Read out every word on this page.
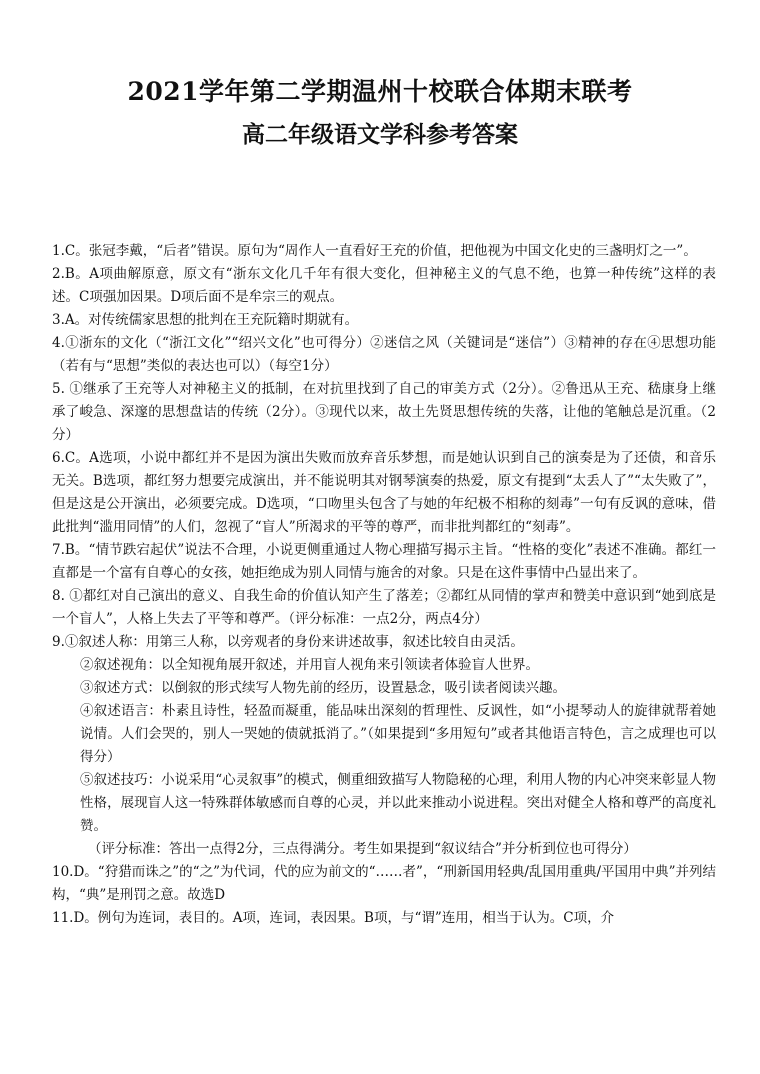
2021学年第二学期温州十校联合体期末联考
高二年级语文学科参考答案

1.C。张冠李戴，“后者”错误。原句为“周作人一直看好王充的价值，把他视为中国文化史的三盏明灯之一”。

2.B。A项曲解原意，原文有“浙东文化几千年有很大变化，但神秘主义的气息不绝，也算一种传统”这样的表述。C项强加因果。D项后面不是牟宗三的观点。

3.A。对传统儒家思想的批判在王充阮籍时期就有。

4.①浙东的文化（“浙江文化”“绍兴文化”也可得分）②迷信之风（关键词是“迷信”）③精神的存在④思想功能（若有与“思想”类似的表达也可以）（每空1分）

5. ①继承了王充等人对神秘主义的抵制，在对抗里找到了自己的审美方式（2分）。②鲁迅从王充、嵇康身上继承了峻急、深邃的思想盘诘的传统（2分）。③现代以来，故土先贤思想传统的失落，让他的笔触总是沉重。（2分）

6.C。A选项，小说中都红并不是因为演出失败而放弃音乐梦想，而是她认识到自己的演奏是为了还债，和音乐无关。B选项，都红努力想要完成演出，并不能说明其对钢琴演奏的热爱，原文有提到“太丢人了”“太失败了”，但是这是公开演出，必须要完成。D选项，“口吻里头包含了与她的年纪极不相称的刻毒”一句有反讽的意味，借此批判“滥用同情”的人们，忽视了“盲人”所渴求的平等的尊严，而非批判都红的“刻毒”。

7.B。“情节跌宕起伏”说法不合理，小说更侧重通过人物心理描写揭示主旨。“性格的变化”表述不准确。都红一直都是一个富有自尊心的女孩，她拒绝成为别人同情与施舍的对象。只是在这件事情中凸显出来了。

8. ①都红对自己演出的意义、自我生命的价值认知产生了落差；②都红从同情的掌声和赞美中意识到“她到底是一个盲人”，人格上失去了平等和尊严。（评分标准：一点2分，两点4分）

9.①叙述人称：用第三人称，以旁观者的身份来讲述故事，叙述比较自由灵活。

②叙述视角：以全知视角展开叙述，并用盲人视角来引领读者体验盲人世界。

③叙述方式：以倒叙的形式续写人物先前的经历，设置悬念，吸引读者阅读兴趣。

④叙述语言：朴素且诗性，轻盈而凝重，能品味出深刻的哲理性、反讽性，如“小提琴动人的旋律就帮着她说情。人们会哭的，别人一哭她的债就抵消了。”（如果提到“多用短句”或者其他语言特色，言之成理也可以得分）

⑤叙述技巧：小说采用“心灵叙事”的模式，侧重细致描写人物隐秘的心理，利用人物的内心冲突来彰显人物性格，展现盲人这一特殊群体敏感而自尊的心灵，并以此来推动小说进程。突出对健全人格和尊严的高度礼赞。

（评分标准：答出一点得2分，三点得满分。考生如果提到“叙议结合”并分析到位也可得分）

10.D。“狩猎而诛之”的“之”为代词，代的应为前文的“……者”，“刑新国用轻典/乱国用重典/平国用中典”并列结构，“典”是刑罚之意。故选D

11.D。例句为连词，表目的。A项，连词，表因果。B项，与“谓”连用，相当于认为。C项，介
